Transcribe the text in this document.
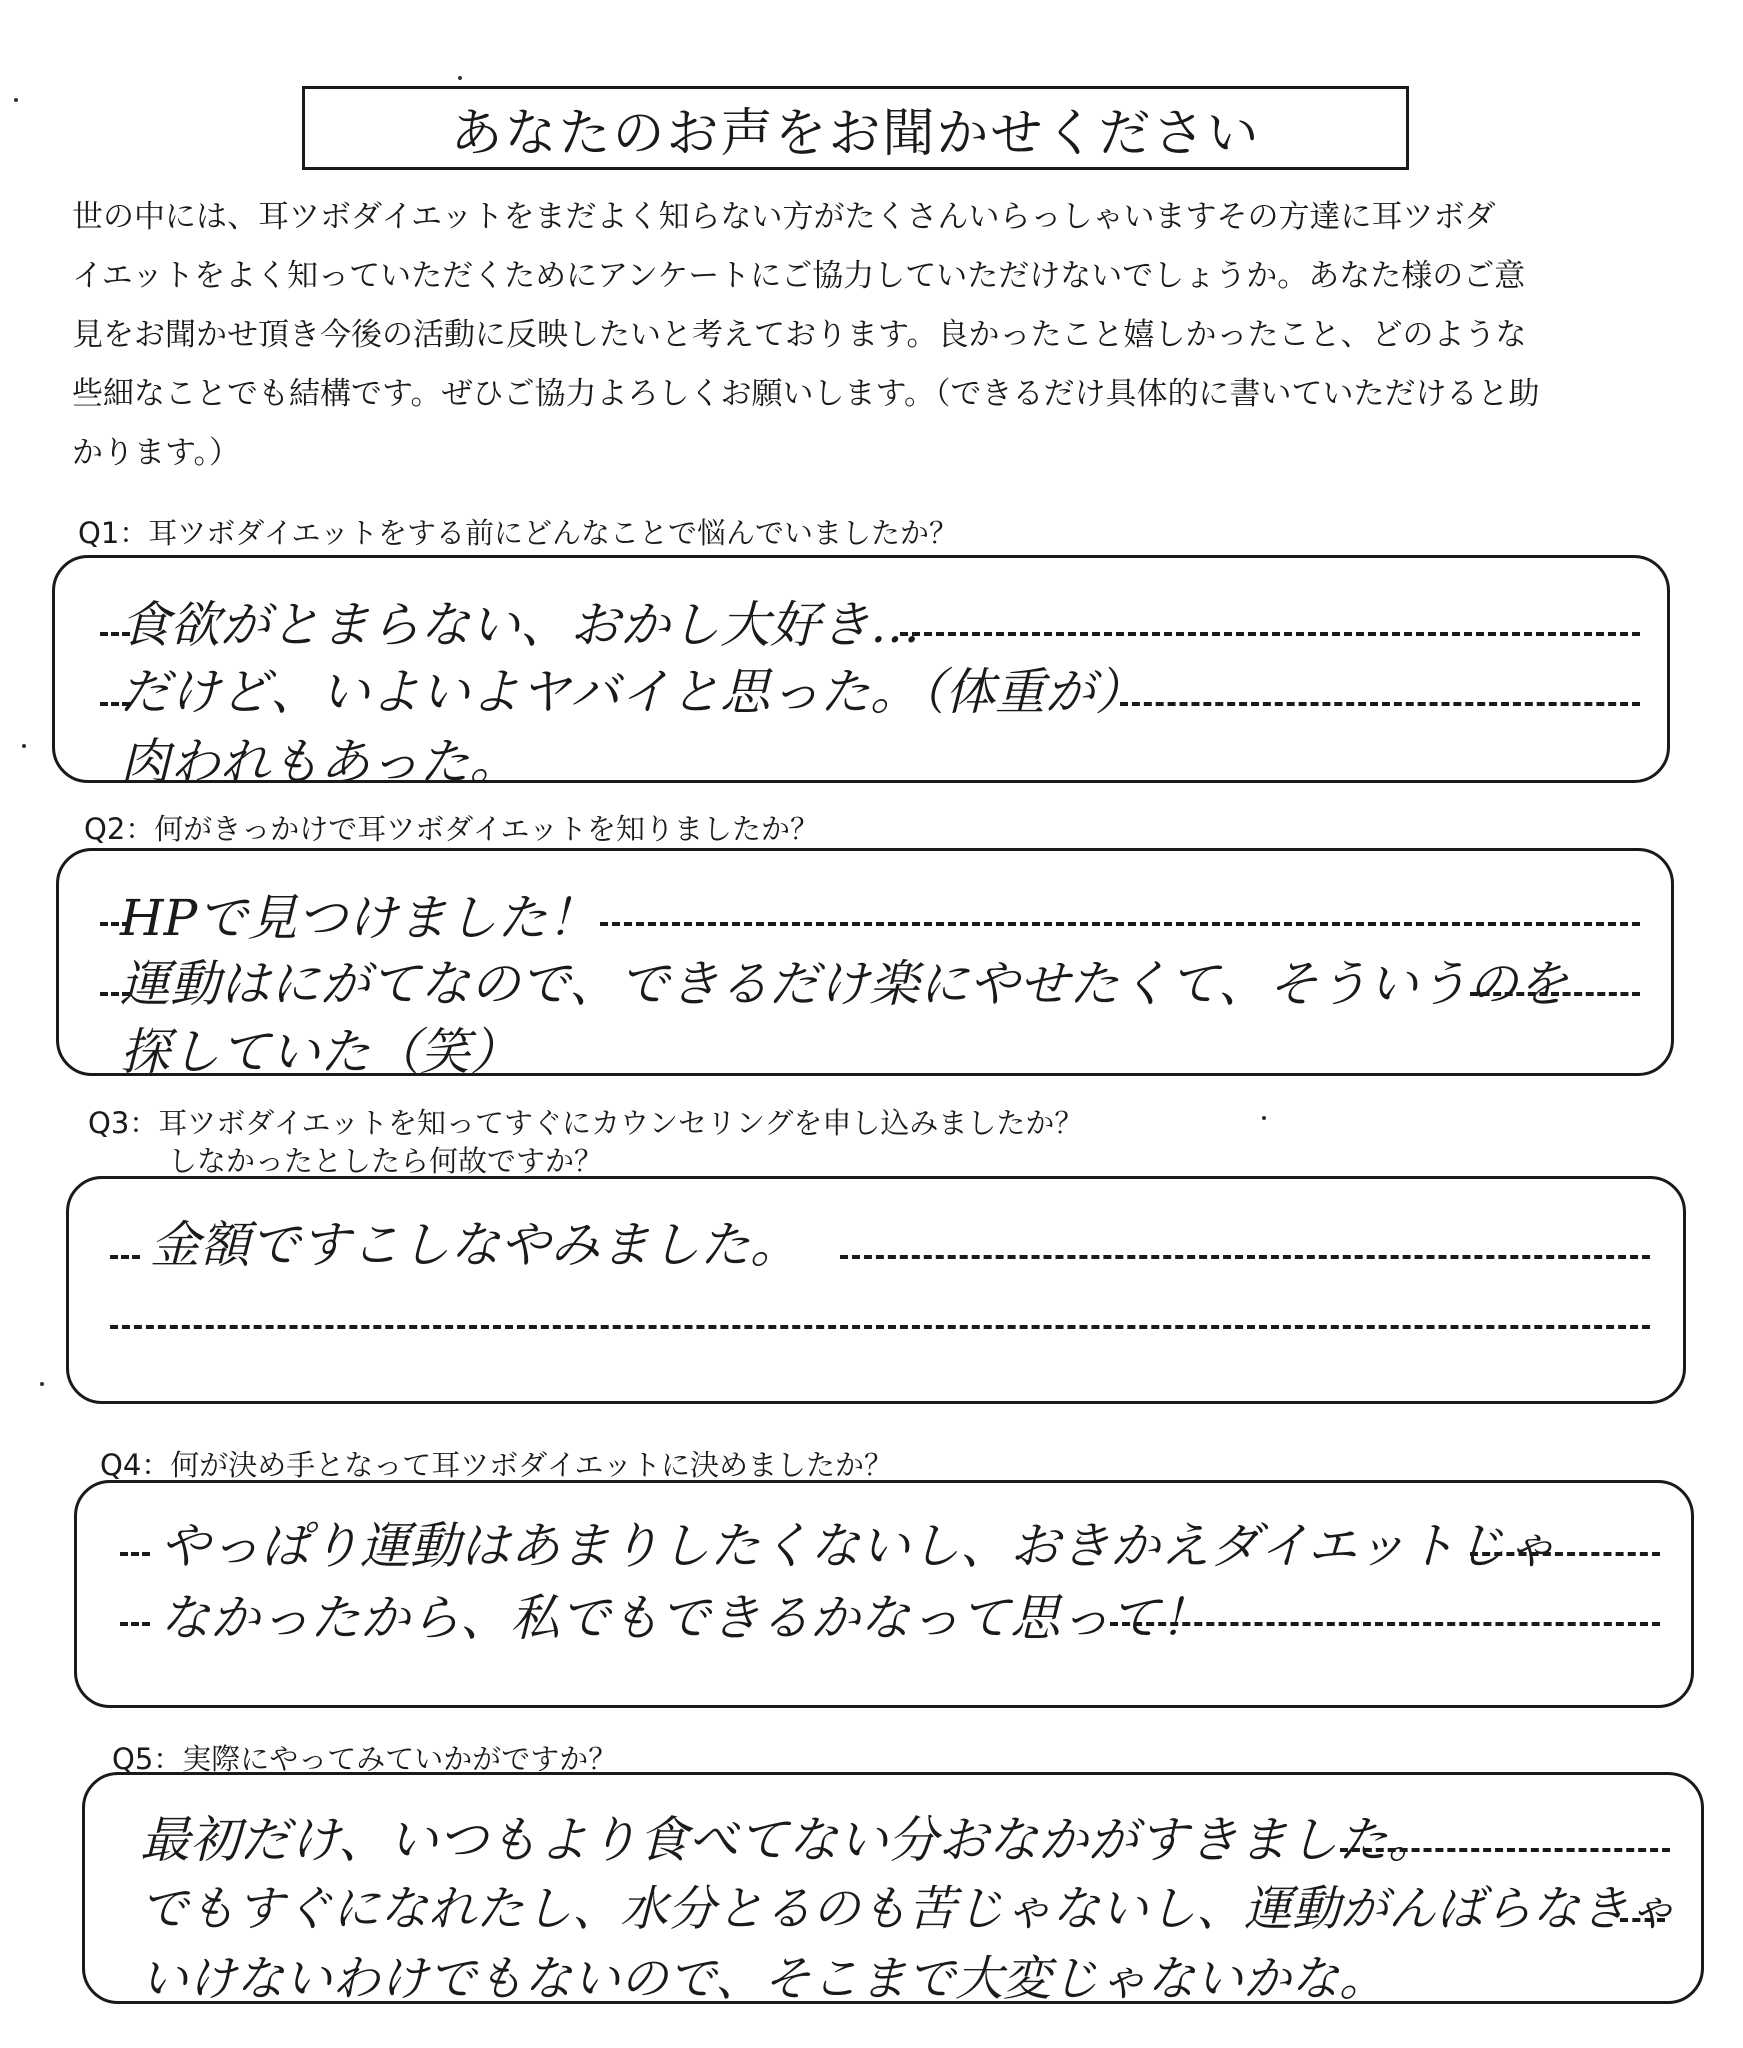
あなたのお声をお聞かせください

世の中には、耳ツボダイエットをまだよく知らない方がたくさんいらっしゃいますその方達に耳ツボダ

イエットをよく知っていただくためにアンケートにご協力していただけないでしょうか。あなた様のご意

見をお聞かせ頂き今後の活動に反映したいと考えております。良かったこと嬉しかったこと、どのような

些細なことでも結構です。ぜひご協力よろしくお願いします。（できるだけ具体的に書いていただけると助

かります。）

Q1：耳ツボダイエットをする前にどんなことで悩んでいましたか？
食欲がとまらない、おかし大好き…
だけど、いよいよヤバイと思った。（体重が）
肉われもあった。
Q2：何がきっかけで耳ツボダイエットを知りましたか？
HPで見つけました！
運動はにがてなので、できるだけ楽にやせたくて、そういうのを
探していた（笑）
Q3：耳ツボダイエットを知ってすぐにカウンセリングを申し込みましたか？
しなかったとしたら何故ですか？
金額ですこしなやみました。
Q4：何が決め手となって耳ツボダイエットに決めましたか？
やっぱり運動はあまりしたくないし、おきかえダイエットじゃ
なかったから、私でもできるかなって思って！
Q5：実際にやってみていかがですか？
最初だけ、いつもより食べてない分おなかがすきました。
でもすぐになれたし、水分とるのも苦じゃないし、運動がんばらなきゃ
いけないわけでもないので、そこまで大変じゃないかな。
